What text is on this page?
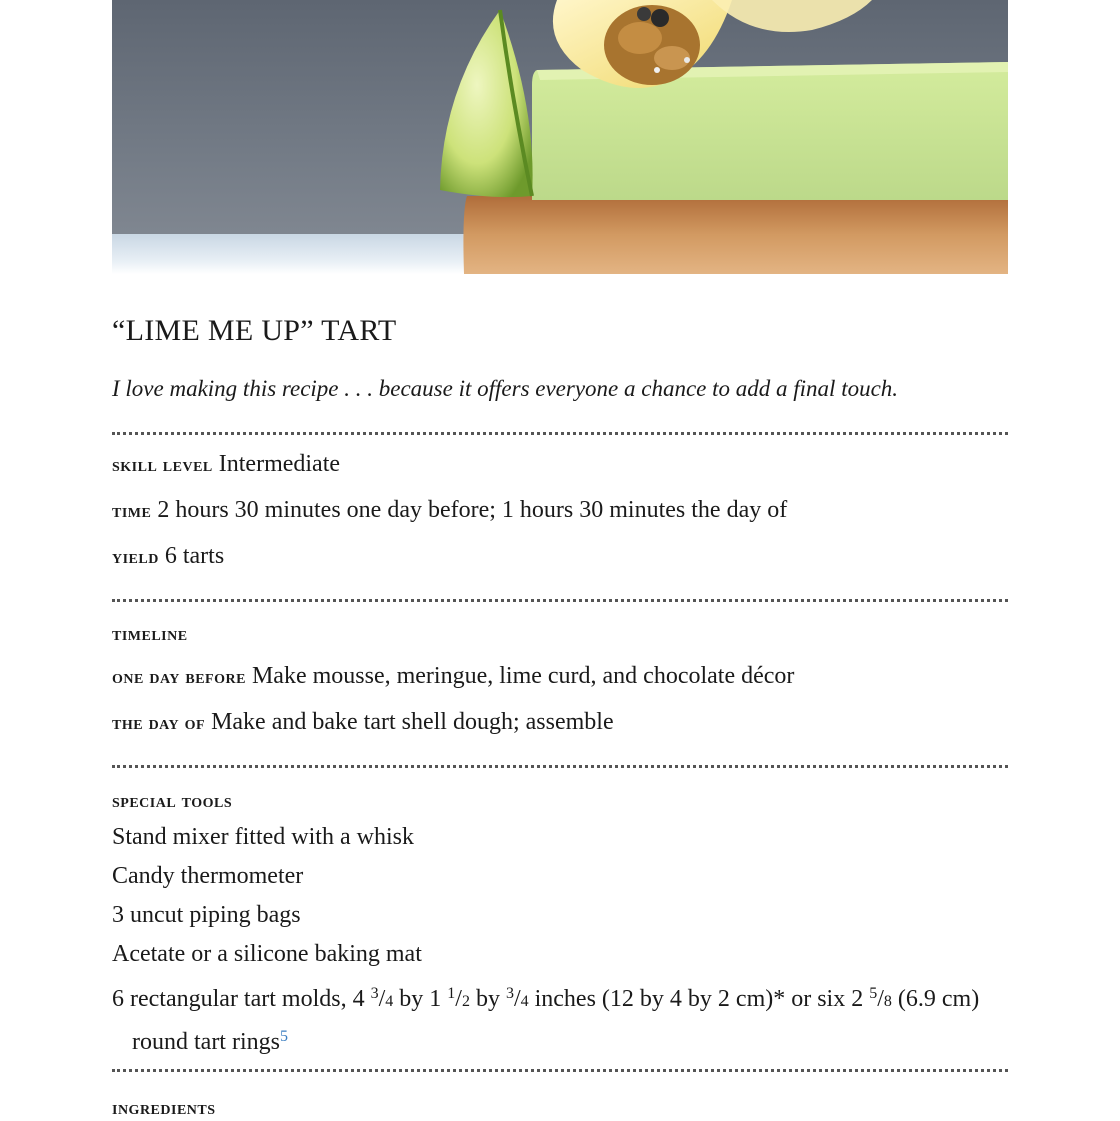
“LIME ME UP” TART
I love making this recipe . . . because it offers everyone a chance to add a final touch.
skill level Intermediate
time 2 hours 30 minutes one day before; 1 hours 30 minutes the day of
yield 6 tarts
timeline
one day before Make mousse, meringue, lime curd, and chocolate décor
the day of Make and bake tart shell dough; assemble
special tools
Stand mixer fitted with a whisk
Candy thermometer
3 uncut piping bags
Acetate or a silicone baking mat
6 rectangular tart molds, 4 $^3$/4 by 1 $^1$/2 by $^3$/4 inches (12 by 4 by 2 cm)* or six 2 $^5$/8 (6.9 cm) round tart rings$^5$
ingredients
